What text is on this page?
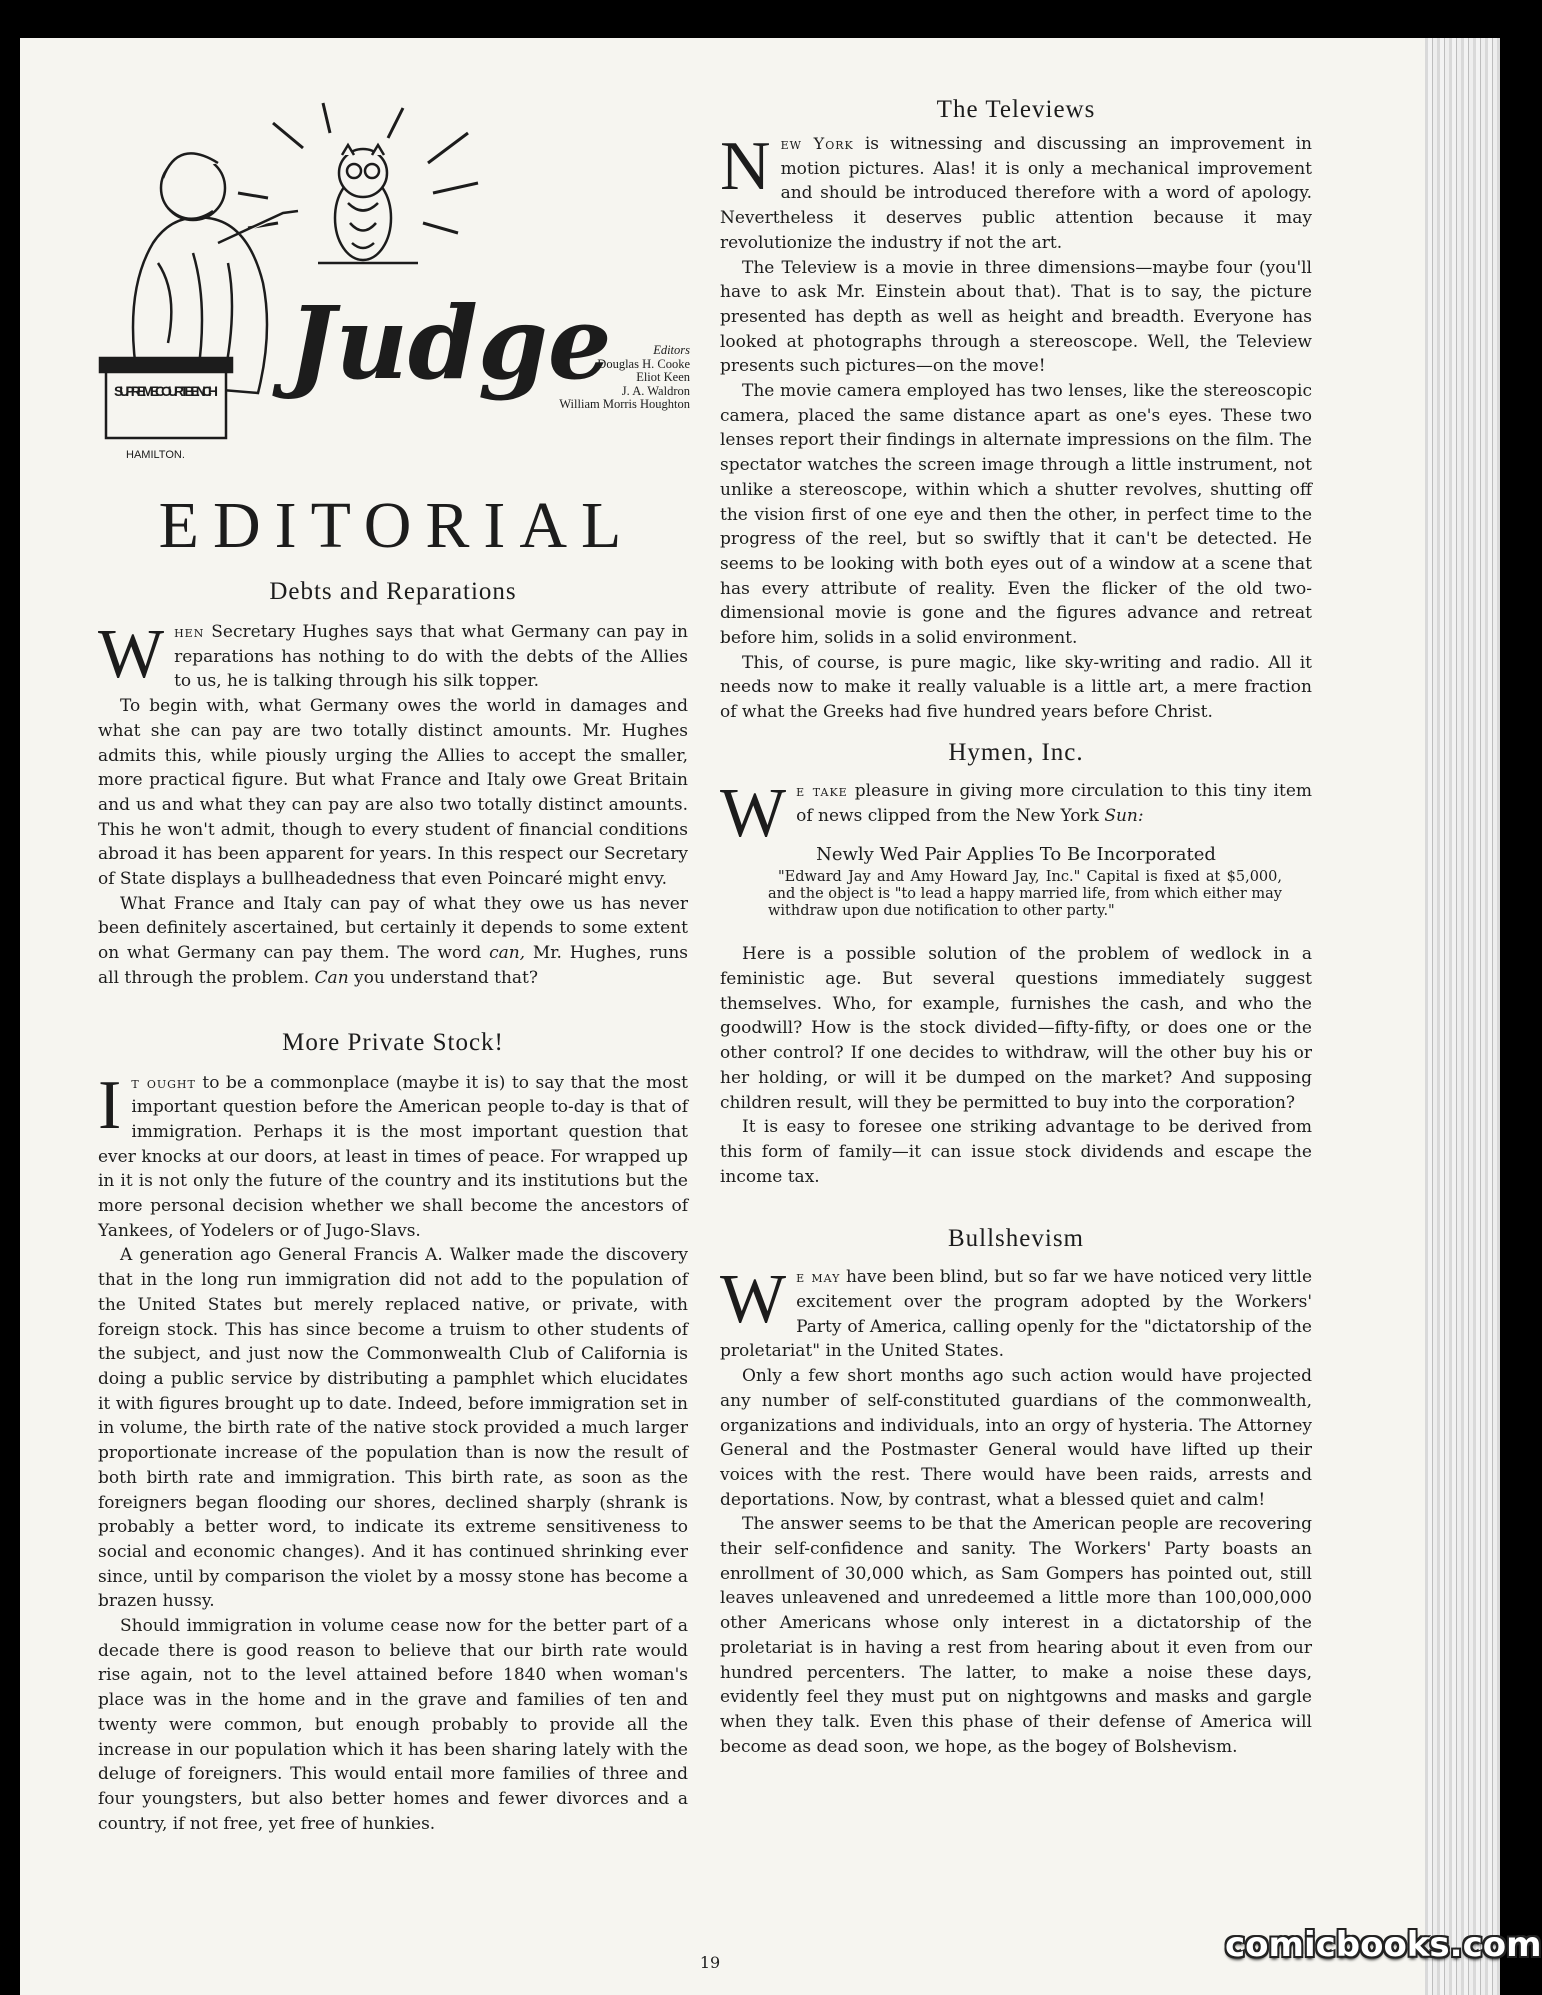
SUPREME COURT BENCH
HAMILTON.
Judge	Editors
Douglas H. Cooke
Eliot Keen
J. A. Waldron
William Morris Houghton
EDITORIAL
Debts and Reparations

When Secretary Hughes says that what Germany can pay in reparations has nothing to do with the debts of the Allies to us, he is talking through his silk topper.

To begin with, what Germany owes the world in damages and what she can pay are two totally distinct amounts. Mr. Hughes admits this, while piously urging the Allies to accept the smaller, more practical figure. But what France and Italy owe Great Britain and us and what they can pay are also two totally distinct amounts. This he won't admit, though to every student of financial conditions abroad it has been apparent for years. In this respect our Secretary of State displays a bullheadedness that even Poincaré might envy.

What France and Italy can pay of what they owe us has never been definitely ascertained, but certainly it depends to some extent on what Germany can pay them. The word can, Mr. Hughes, runs all through the problem. Can you understand that?

More Private Stock!

It ought to be a commonplace (maybe it is) to say that the most important question before the American people to-day is that of immigration. Perhaps it is the most important question that ever knocks at our doors, at least in times of peace. For wrapped up in it is not only the future of the country and its institutions but the more personal decision whether we shall become the ancestors of Yankees, of Yodelers or of Jugo-Slavs.

A generation ago General Francis A. Walker made the discovery that in the long run immigration did not add to the population of the United States but merely replaced native, or private, with foreign stock. This has since become a truism to other students of the subject, and just now the Commonwealth Club of California is doing a public service by distributing a pamphlet which elucidates it with figures brought up to date. Indeed, before immigration set in in volume, the birth rate of the native stock provided a much larger proportionate increase of the population than is now the result of both birth rate and immigration. This birth rate, as soon as the foreigners began flooding our shores, declined sharply (shrank is probably a better word, to indicate its extreme sensitiveness to social and economic changes). And it has continued shrinking ever since, until by comparison the violet by a mossy stone has become a brazen hussy.

Should immigration in volume cease now for the better part of a decade there is good reason to believe that our birth rate would rise again, not to the level attained before 1840 when woman's place was in the home and in the grave and families of ten and twenty were common, but enough probably to provide all the increase in our population which it has been sharing lately with the deluge of foreigners. This would entail more families of three and four youngsters, but also better homes and fewer divorces and a country, if not free, yet free of hunkies.

The Televiews

New York is witnessing and discussing an improvement in motion pictures. Alas! it is only a mechanical improvement and should be introduced therefore with a word of apology. Nevertheless it deserves public attention because it may revolutionize the industry if not the art.

The Teleview is a movie in three dimensions—maybe four (you'll have to ask Mr. Einstein about that). That is to say, the picture presented has depth as well as height and breadth. Everyone has looked at photographs through a stereoscope. Well, the Teleview presents such pictures—on the move!

The movie camera employed has two lenses, like the stereoscopic camera, placed the same distance apart as one's eyes. These two lenses report their findings in alternate impressions on the film. The spectator watches the screen image through a little instrument, not unlike a stereoscope, within which a shutter revolves, shutting off the vision first of one eye and then the other, in perfect time to the progress of the reel, but so swiftly that it can't be detected. He seems to be looking with both eyes out of a window at a scene that has every attribute of reality. Even the flicker of the old two-dimensional movie is gone and the figures advance and retreat before him, solids in a solid environment.

This, of course, is pure magic, like sky-writing and radio. All it needs now to make it really valuable is a little art, a mere fraction of what the Greeks had five hundred years before Christ.

Hymen, Inc.

We take pleasure in giving more circulation to this tiny item of news clipped from the New York Sun:

Newly Wed Pair Applies To Be Incorporated

"Edward Jay and Amy Howard Jay, Inc." Capital is fixed at $5,000, and the object is "to lead a happy married life, from which either may withdraw upon due notification to other party."

Here is a possible solution of the problem of wedlock in a feministic age. But several questions immediately suggest themselves. Who, for example, furnishes the cash, and who the goodwill? How is the stock divided—fifty-fifty, or does one or the other control? If one decides to withdraw, will the other buy his or her holding, or will it be dumped on the market? And supposing children result, will they be permitted to buy into the corporation?

It is easy to foresee one striking advantage to be derived from this form of family—it can issue stock dividends and escape the income tax.

Bullshevism

We may have been blind, but so far we have noticed very little excitement over the program adopted by the Workers' Party of America, calling openly for the "dictatorship of the proletariat" in the United States.

Only a few short months ago such action would have projected any number of self-constituted guardians of the commonwealth, organizations and individuals, into an orgy of hysteria. The Attorney General and the Postmaster General would have lifted up their voices with the rest. There would have been raids, arrests and deportations. Now, by contrast, what a blessed quiet and calm!

The answer seems to be that the American people are recovering their self-confidence and sanity. The Workers' Party boasts an enrollment of 30,000 which, as Sam Gompers has pointed out, still leaves unleavened and unredeemed a little more than 100,000,000 other Americans whose only interest in a dictatorship of the proletariat is in having a rest from hearing about it even from our hundred percenters. The latter, to make a noise these days, evidently feel they must put on nightgowns and masks and gargle when they talk. Even this phase of their defense of America will become as dead soon, we hope, as the bogey of Bolshevism.

19	comicbooks.com
